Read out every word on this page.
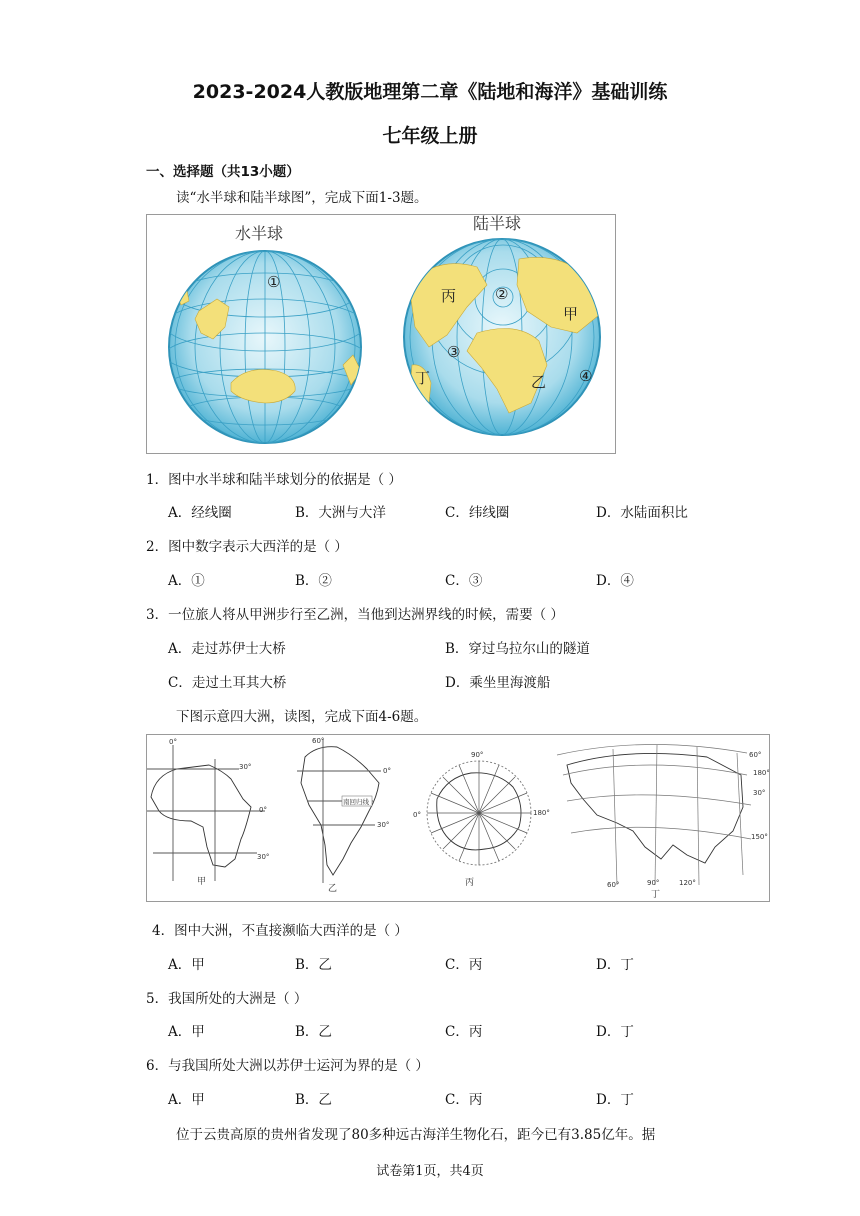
2023-2024人教版地理第二章《陆地和海洋》基础训练
七年级上册
一、选择题（共13小题）
读“水半球和陆半球图”，完成下面1-3题。
水半球
①
陆半球
②
丙
甲
③
丁	乙 ④
1．图中水半球和陆半球划分的依据是（ ）
A．经线圈	B．大洲与大洋	C．纬线圈	D．水陆面积比
2．图中数字表示大西洋的是（ ）
A．①	B．②	C．③	D．④
3．一位旅人将从甲洲步行至乙洲，当他到达洲界线的时候，需要（ ）
A．走过苏伊士大桥	B．穿过乌拉尔山的隧道
C．走过土耳其大桥	D．乘坐里海渡船
下图示意四大洲，读图，完成下面4-6题。
0°
30°
0°
30°
甲
60°
0°
南回归线
30°
乙
90°
180°
0°
丙
60°
180°
30°
150°
60°	90°	120°
丁
4．图中大洲，不直接濒临大西洋的是（ ）
A．甲	B．乙	C．丙	D．丁
5．我国所处的大洲是（ ）
A．甲	B．乙	C．丙	D．丁
6．与我国所处大洲以苏伊士运河为界的是（ ）
A．甲	B．乙	C．丙	D．丁
位于云贵高原的贵州省发现了80多种远古海洋生物化石，距今已有3.85亿年。据
试卷第1页，共4页
